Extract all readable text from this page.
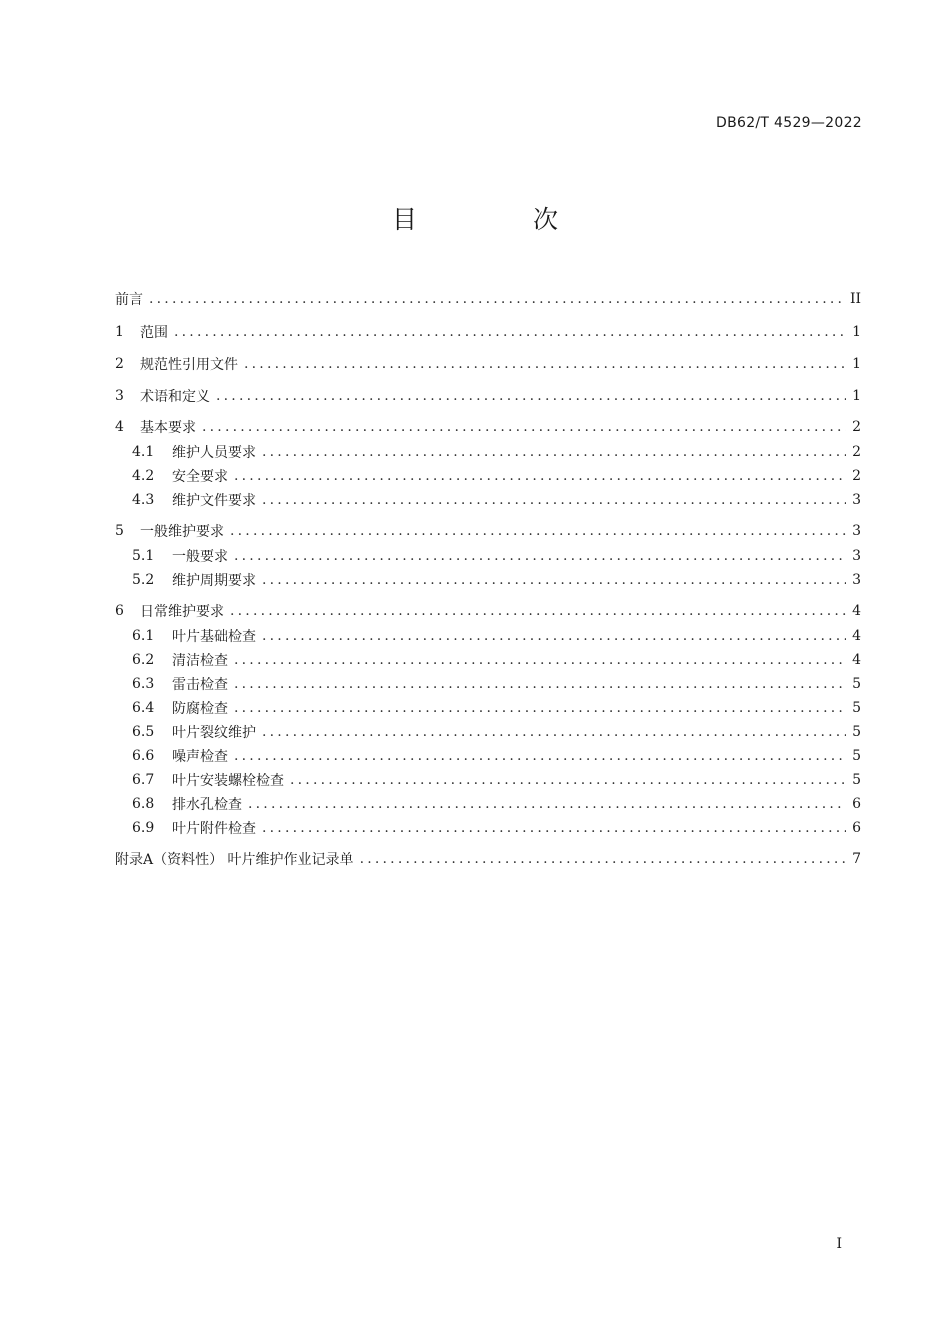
DB62/T 4529—2022
目 次
前言 .....	II
1	范围 .....	1
2	规范性引用文件 .....	1
3	术语和定义 .....	1
4	基本要求 .....	2
4.1	维护人员要求 .....	2
4.2	安全要求 .....	2
4.3	维护文件要求 .....	3
5	一般维护要求 .....	3
5.1	一般要求 .....	3
5.2	维护周期要求 .....	3
6	日常维护要求 .....	4
6.1	叶片基础检查 .....	4
6.2	清洁检查 .....	4
6.3	雷击检查 .....	5
6.4	防腐检查 .....	5
6.5	叶片裂纹维护 .....	5
6.6	噪声检查 .....	5
6.7	叶片安装螺栓检查 .....	5
6.8	排水孔检查 .....	6
6.9	叶片附件检查 .....	6
附录A（资料性） 叶片维护作业记录单 .....	7
I
